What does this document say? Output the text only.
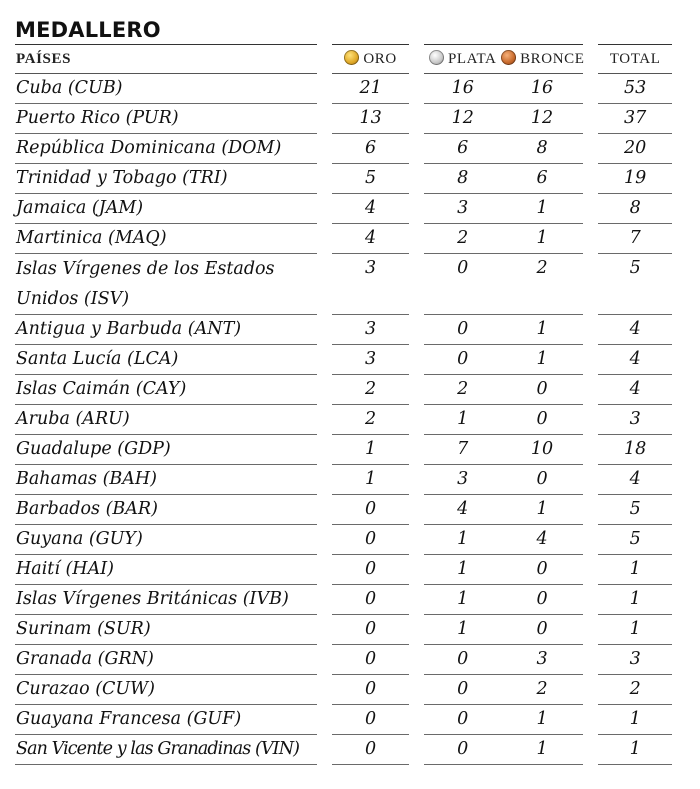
MEDALLERO
PAÍSES		ORO		PLATA	BRONCE		TOTAL
Cuba (CUB)		21		16	16		53
Puerto Rico (PUR)		13		12	12		37
República Dominicana (DOM)		6		6	8		20
Trinidad y Tobago (TRI)		5		8	6		19
Jamaica (JAM)		4		3	1		8
Martinica (MAQ)		4		2	1		7
Islas Vírgenes de los Estados Unidos (ISV)		3		0	2		5
Antigua y Barbuda (ANT)		3		0	1		4
Santa Lucía (LCA)		3		0	1		4
Islas Caimán (CAY)		2		2	0		4
Aruba (ARU)		2		1	0		3
Guadalupe (GDP)		1		7	10		18
Bahamas (BAH)		1		3	0		4
Barbados (BAR)		0		4	1		5
Guyana (GUY)		0		1	4		5
Haití (HAI)		0		1	0		1
Islas Vírgenes Británicas (IVB)		0		1	0		1
Surinam (SUR)		0		1	0		1
Granada (GRN)		0		0	3		3
Curazao (CUW)		0		0	2		2
Guayana Francesa (GUF)		0		0	1		1
San Vicente y las Granadinas (VIN)		0		0	1		1
